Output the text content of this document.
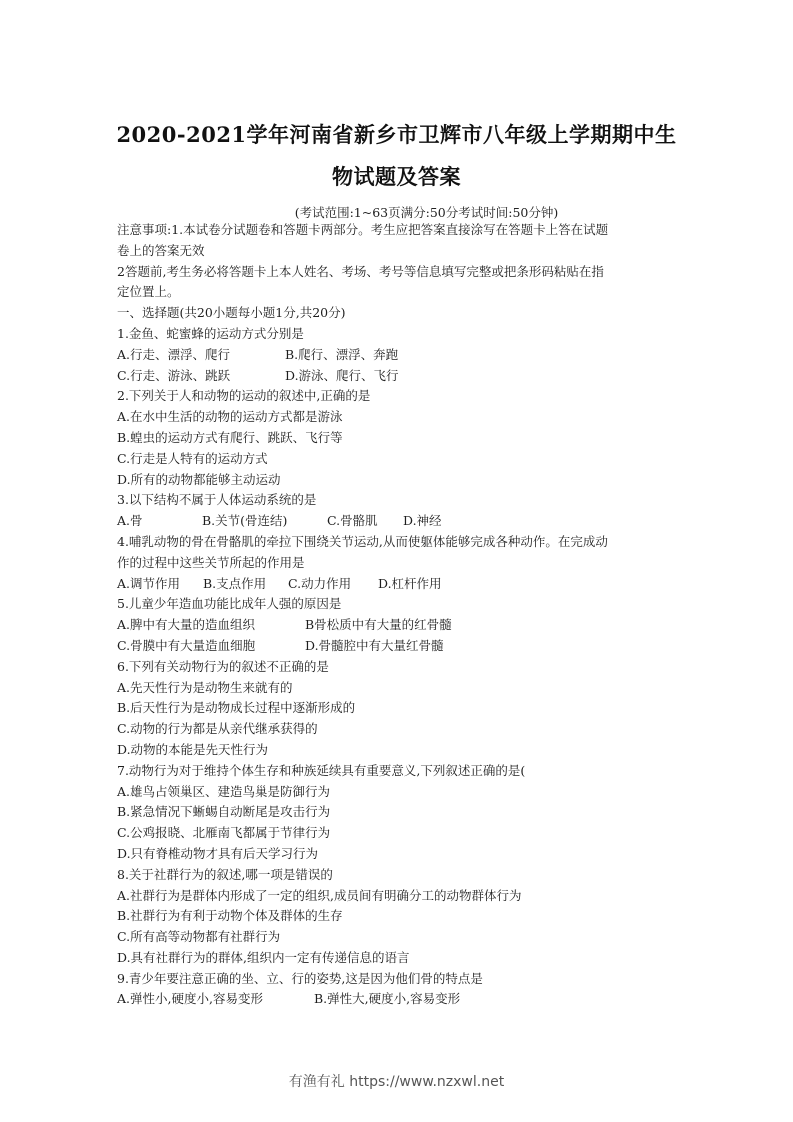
2020-2021学年河南省新乡市卫辉市八年级上学期期中生
物试题及答案
(考试范围:1~63页满分:50分考试时间:50分钟)
注意事项:1.本试卷分试题卷和答题卡两部分。考生应把答案直接涂写在答题卡上答在试题
卷上的答案无效
2答题前,考生务必将答题卡上本人姓名、考场、考号等信息填写完整或把条形码粘贴在指
定位置上。
一、选择题(共20小题每小题1分,共20分)
1.金鱼、蛇蜜蜂的运动方式分别是
A.行走、漂浮、爬行	B.爬行、漂浮、奔跑
C.行走、游泳、跳跃	D.游泳、爬行、飞行
2.下列关于人和动物的运动的叙述中,正确的是
A.在水中生活的动物的运动方式都是游泳
B.蝗虫的运动方式有爬行、跳跃、飞行等
C.行走是人特有的运动方式
D.所有的动物都能够主动运动
3.以下结构不属于人体运动系统的是
A.骨	B.关节(骨连结)	C.骨骼肌	D.神经
4.哺乳动物的骨在骨骼肌的牵拉下围绕关节运动,从而使躯体能够完成各种动作。在完成动
作的过程中这些关节所起的作用是
A.调节作用	B.支点作用	C.动力作用	D.杠杆作用
5.儿童少年造血功能比成年人强的原因是
A.脾中有大量的造血组织	B骨松质中有大量的红骨髓
C.骨膜中有大量造血细胞	D.骨髓腔中有大量红骨髓
6.下列有关动物行为的叙述不正确的是
A.先天性行为是动物生来就有的
B.后天性行为是动物成长过程中逐渐形成的
C.动物的行为都是从亲代继承获得的
D.动物的本能是先天性行为
7.动物行为对于维持个体生存和种族延续具有重要意义,下列叙述正确的是(
A.雄鸟占领巢区、建造鸟巢是防御行为
B.紧急情况下蜥蜴自动断尾是攻击行为
C.公鸡报晓、北雁南飞都属于节律行为
D.只有脊椎动物才具有后天学习行为
8.关于社群行为的叙述,哪一项是错误的
A.社群行为是群体内形成了一定的组织,成员间有明确分工的动物群体行为
B.社群行为有利于动物个体及群体的生存
C.所有高等动物都有社群行为
D.具有社群行为的群体,组织内一定有传递信息的语言
9.青少年要注意正确的坐、立、行的姿势,这是因为他们骨的特点是
A.弹性小,硬度小,容易变形	B.弹性大,硬度小,容易变形
有渔有礼 https://www.nzxwl.net
